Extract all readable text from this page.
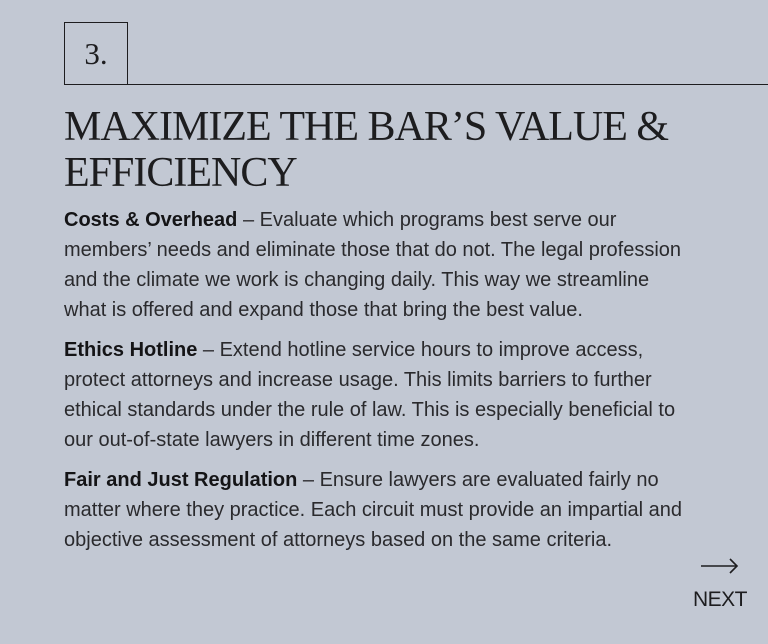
3.
MAXIMIZE THE BAR’S VALUE & EFFICIENCY

Costs & Overhead – Evaluate which programs best serve our members’ needs and eliminate those that do not. The legal profession and the climate we work is changing daily. This way we streamline what is offered and expand those that bring the best value.

Ethics Hotline – Extend hotline service hours to improve access, protect attorneys and increase usage. This limits barriers to further ethical standards under the rule of law. This is especially beneficial to our out-of-state lawyers in different time zones.

Fair and Just Regulation – Ensure lawyers are evaluated fairly no matter where they practice. Each circuit must provide an impartial and objective assessment of attorneys based on the same criteria.

NEXT
